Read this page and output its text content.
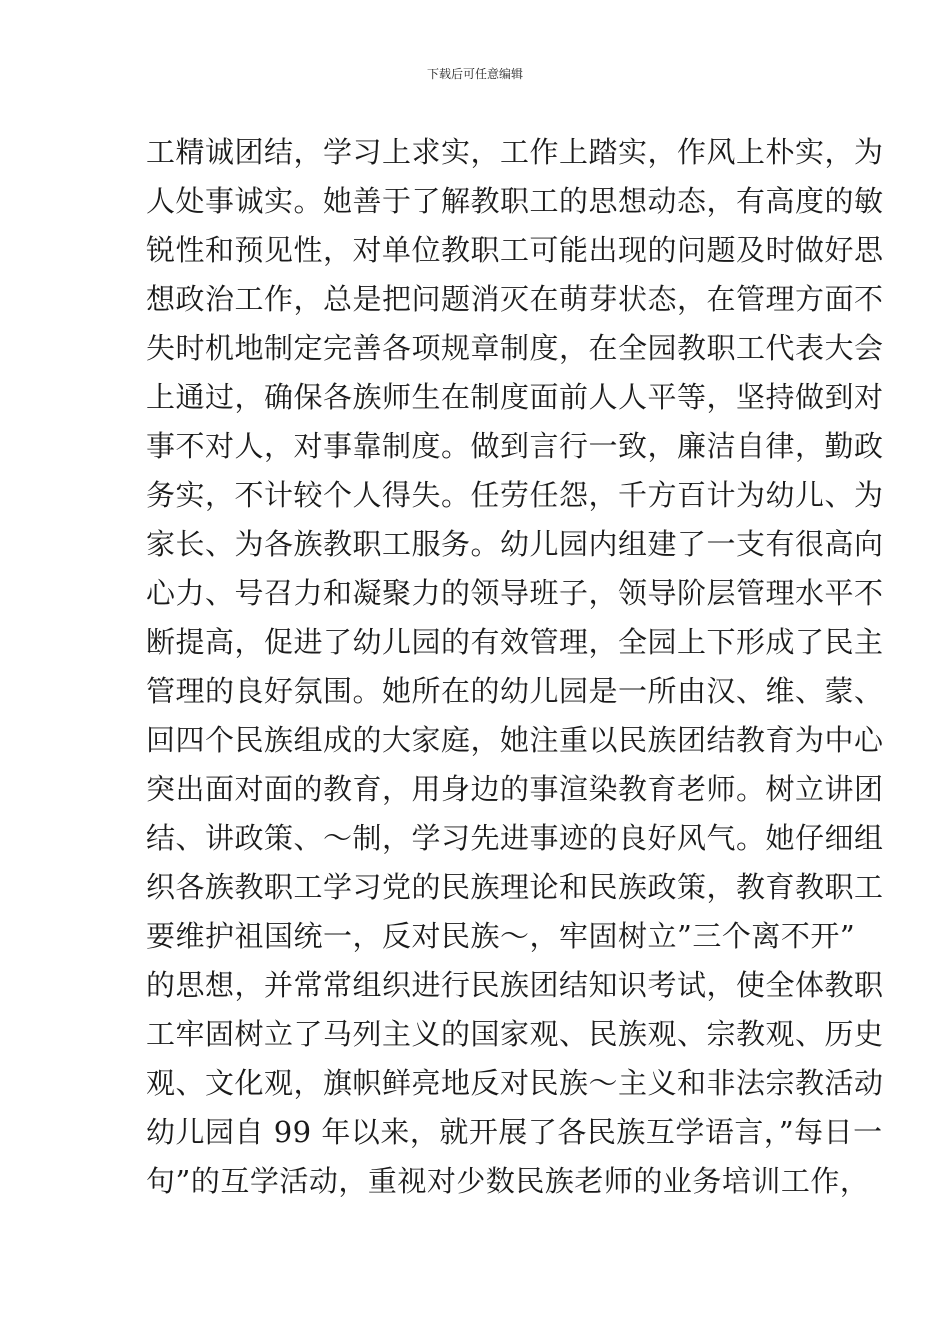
下载后可任意编辑
工精诚团结，学习上求实，工作上踏实，作风上朴实，为
人处事诚实。她善于了解教职工的思想动态，有高度的敏
锐性和预见性，对单位教职工可能出现的问题及时做好思
想政治工作，总是把问题消灭在萌芽状态，在管理方面不
失时机地制定完善各项规章制度，在全园教职工代表大会
上通过，确保各族师生在制度面前人人平等，坚持做到对
事不对人，对事靠制度。做到言行一致，廉洁自律，勤政
务实，不计较个人得失。任劳任怨，千方百计为幼儿、为
家长、为各族教职工服务。幼儿园内组建了一支有很高向
心力、号召力和凝聚力的领导班子，领导阶层管理水平不
断提高，促进了幼儿园的有效管理，全园上下形成了民主
管理的良好氛围。她所在的幼儿园是一所由汉、维、蒙、
回四个民族组成的大家庭，她注重以民族团结教育为中心
突出面对面的教育，用身边的事渲染教育老师。树立讲团
结、讲政策、～制，学习先进事迹的良好风气。她仔细组
织各族教职工学习党的民族理论和民族政策，教育教职工
要维护祖国统一，反对民族～，牢固树立”三个离不开”
的思想，并常常组织进行民族团结知识考试，使全体教职
工牢固树立了马列主义的国家观、民族观、宗教观、历史
观、文化观，旗帜鲜亮地反对民族～主义和非法宗教活动
幼儿园自 99 年以来，就开展了各民族互学语言，”每日一
句”的互学活动，重视对少数民族老师的业务培训工作，
